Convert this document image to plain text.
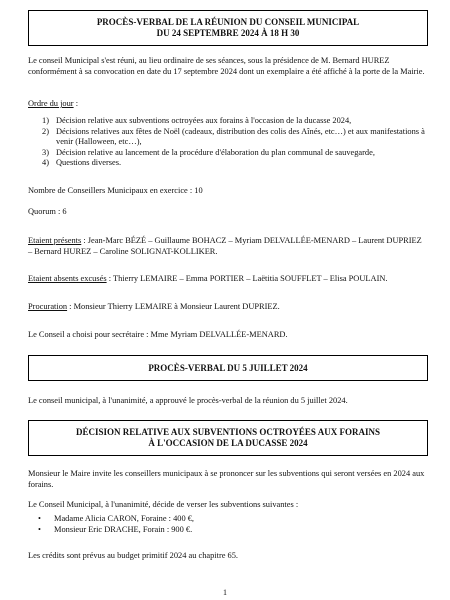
PROCÈS-VERBAL DE LA RÉUNION DU CONSEIL MUNICIPAL
DU 24 SEPTEMBRE 2024 À 18 H 30

Le conseil Municipal s'est réuni, au lieu ordinaire de ses séances, sous la présidence de M. Bernard HUREZ conformément à sa convocation en date du 17 septembre 2024 dont un exemplaire a été affiché à la porte de la Mairie.

Ordre du jour :

1) Décision relative aux subventions octroyées aux forains à l'occasion de la ducasse 2024,
2) Décisions relatives aux fêtes de Noël (cadeaux, distribution des colis des Aînés, etc…) et aux manifestations à venir (Halloween, etc…),
3) Décision relative au lancement de la procédure d'élaboration du plan communal de sauvegarde,
4) Questions diverses.

Nombre de Conseillers Municipaux en exercice : 10

Quorum : 6

Etaient présents : Jean-Marc BÉZÉ – Guillaume BOHACZ – Myriam DELVALLÉE-MENARD – Laurent DUPRIEZ – Bernard HUREZ – Caroline SOLIGNAT-KOLLIKER.

Etaient absents excusés : Thierry LEMAIRE – Emma PORTIER – Laëtitia SOUFFLET – Elisa POULAIN.

Procuration : Monsieur Thierry LEMAIRE à Monsieur Laurent DUPRIEZ.

Le Conseil a choisi pour secrétaire : Mme Myriam DELVALLÉE-MENARD.

PROCÈS-VERBAL DU 5 JUILLET 2024

Le conseil municipal, à l'unanimité, a approuvé le procès-verbal de la réunion du 5 juillet 2024.

DÉCISION RELATIVE AUX SUBVENTIONS OCTROYÉES AUX FORAINS
À L'OCCASION DE LA DUCASSE 2024

Monsieur le Maire invite les conseillers municipaux à se prononcer sur les subventions qui seront versées en 2024 aux forains.

Le Conseil Municipal, à l'unanimité, décide de verser les subventions suivantes :

• Madame Alicia CARON, Foraine : 400 €,
• Monsieur Eric DRACHE, Forain : 900 €.

Les crédits sont prévus au budget primitif 2024 au chapitre 65.

1
